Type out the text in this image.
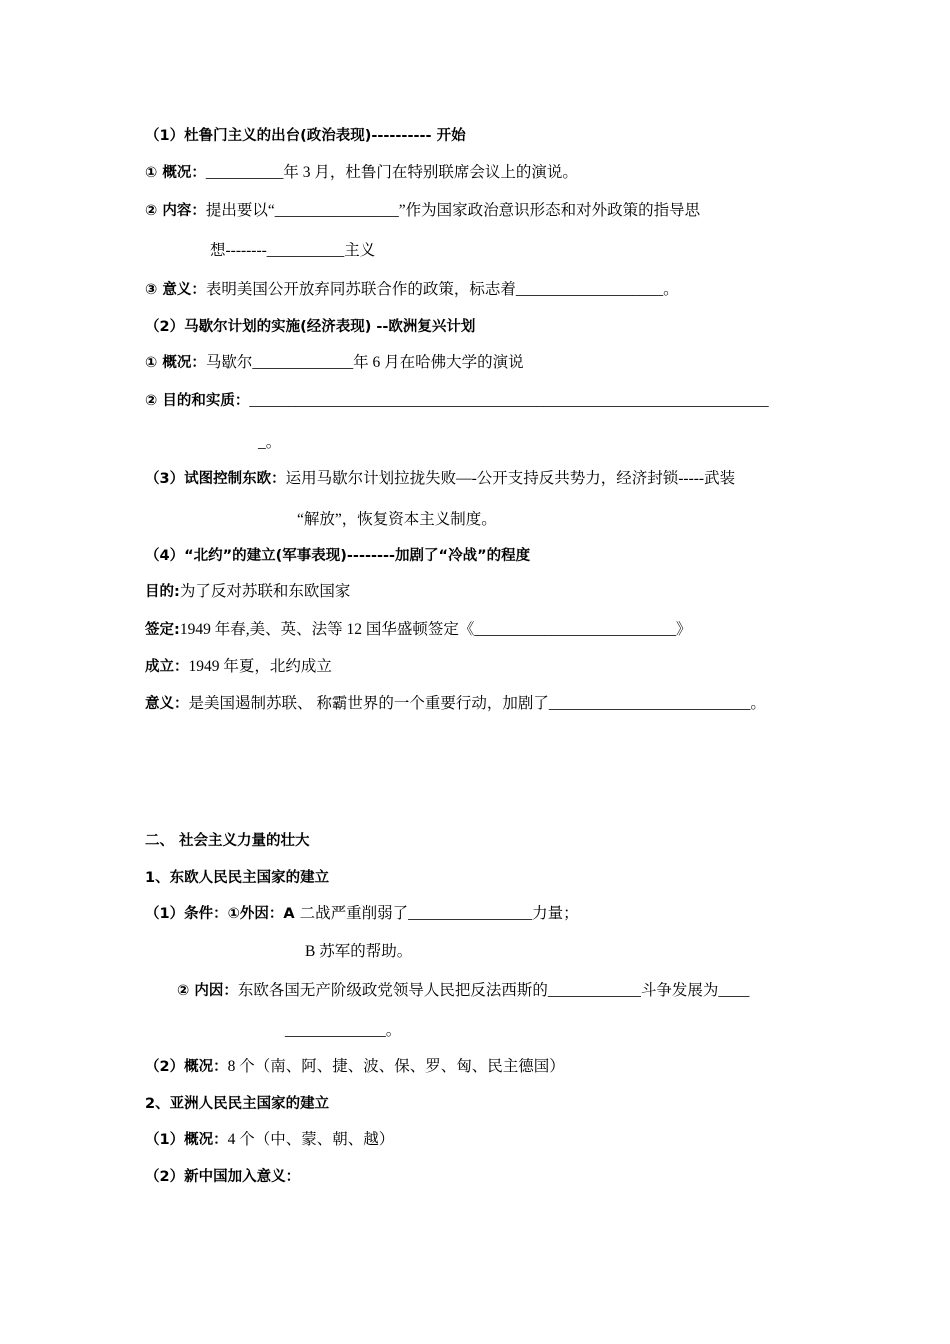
（1）杜鲁门主义的出台(政治表现)---------- 开始
① 概况：__________年 3 月，杜鲁门在特别联席会议上的演说。
② 内容：提出要以“________________”作为国家政治意识形态和对外政策的指导思
想--------__________主义
③ 意义：表明美国公开放弃同苏联合作的政策，标志着___________________。
（2）马歇尔计划的实施(经济表现) --欧洲复兴计划
① 概况：马歇尔_____________年 6 月在哈佛大学的演说
② 目的和实质：___________________________________________________________________
_。
（3）试图控制东欧：运用马歇尔计划拉拢失败—-公开支持反共势力，经济封锁-----武装
“解放”，恢复资本主义制度。
（4）“北约”的建立(军事表现)--------加剧了“冷战”的程度
目的:为了反对苏联和东欧国家
签定:1949 年春,美、英、法等 12 国华盛顿签定《__________________________》
成立：1949 年夏，北约成立
意义：是美国遏制苏联、 称霸世界的一个重要行动，加剧了__________________________。
二、 社会主义力量的壮大
1、东欧人民民主国家的建立
（1）条件：①外因：A 二战严重削弱了________________力量；
B 苏军的帮助。
② 内因：东欧各国无产阶级政党领导人民把反法西斯的____________斗争发展为____
_____________。
（2）概况：8 个（南、阿、捷、波、保、罗、匈、民主德国）
2、亚洲人民民主国家的建立
（1）概况：4 个（中、蒙、朝、越）
（2）新中国加入意义：
